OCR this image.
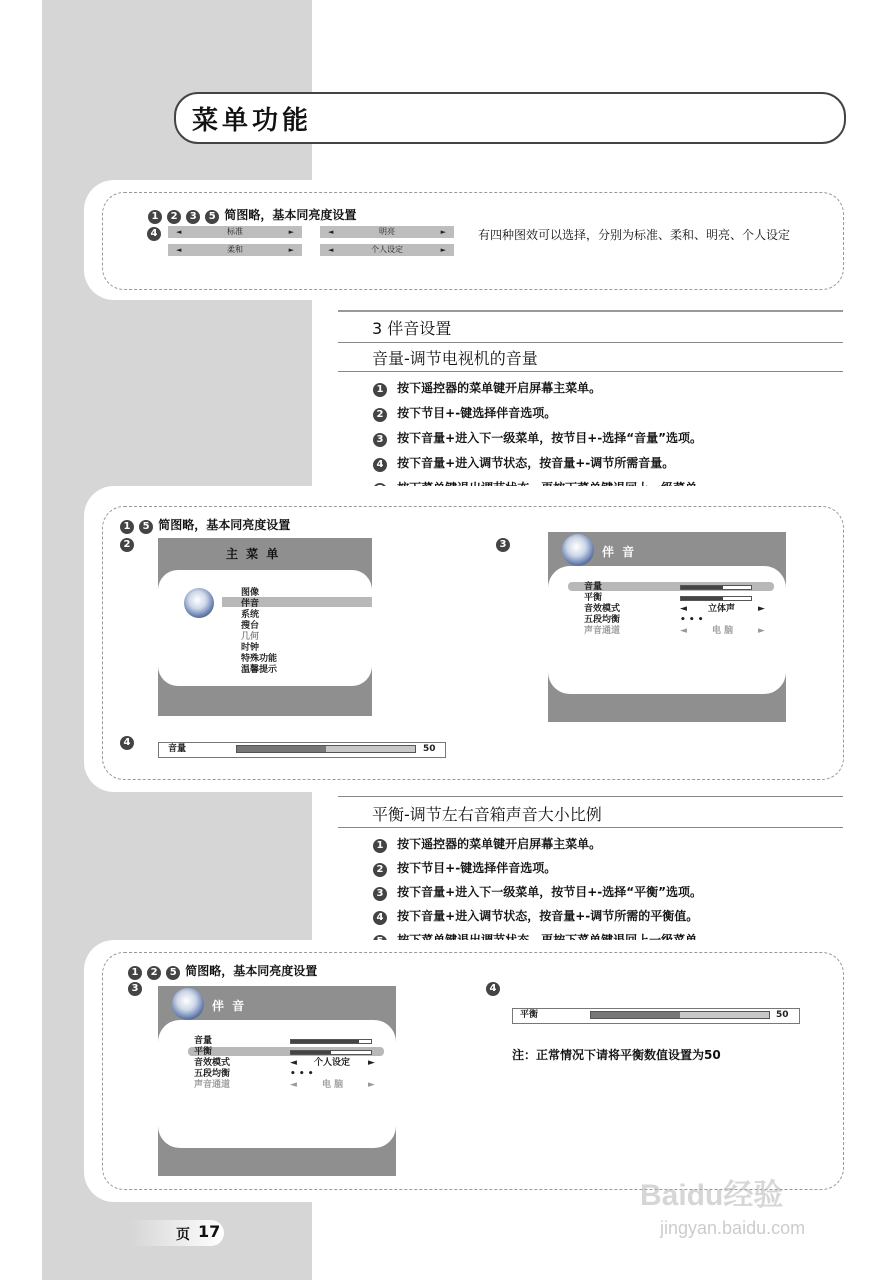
菜单功能
1 2 3 5 简图略，基本同亮度设置
4	◄	标准	►	◄	明亮	►
◄	柔和	►	◄	个人设定	►
有四种图效可以选择，分别为标准、柔和、明亮、个人设定
3 伴音设置
音量-调节电视机的音量
1 按下遥控器的菜单键开启屏幕主菜单。
2 按下节目+-键选择伴音选项。
3 按下音量+进入下一级菜单，按节目+-选择“音量”选项。
4 按下音量+进入调节状态，按音量+-调节所需音量。

1 5 简图略，基本同亮度设置
2	3
4
主 菜 单
图像
伴音
系统
搜台
几何
时钟
特殊功能
温馨提示
伴 音
音量
平衡
音效模式	◄ 立体声	►
五段均衡	• • •
声音通道	◄	电 脑	►
音量	50
平衡-调节左右音箱声音大小比例
1 按下遥控器的菜单键开启屏幕主菜单。
2 按下节目+-键选择伴音选项。
3 按下音量+进入下一级菜单，按节目+-选择“平衡”选项。
4 按下音量+进入调节状态，按音量+-调节所需的平衡值。

1 2 5 简图略，基本同亮度设置
3	4
伴 音
音量
平衡
音效模式	◄ 个人设定 ►
五段均衡	• • •
声音通道	◄	电 脑	►
平衡	50
注：正常情况下请将平衡数值设置为50
页 17
Baidu经验
jingyan.baidu.com
